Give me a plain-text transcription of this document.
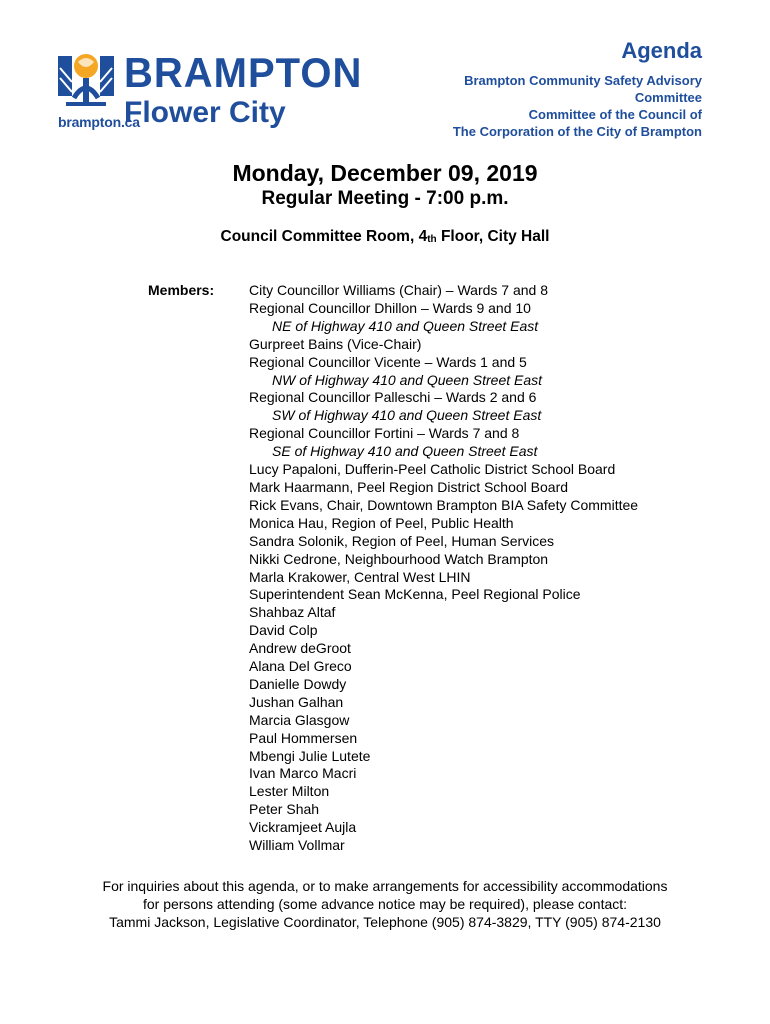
brampton.ca
BRAMPTON
Flower City
Agenda
Brampton Community Safety Advisory
Committee
Committee of the Council of
The Corporation of the City of Brampton
Monday, December 09, 2019
Regular Meeting - 7:00 p.m.
Council Committee Room, $4_{th}$ Floor, City Hall
Members: City Councillor Williams (Chair) – Wards 7 and 8
Regional Councillor Dhillon – Wards 9 and 10
NE of Highway 410 and Queen Street East
Gurpreet Bains (Vice-Chair)
Regional Councillor Vicente – Wards 1 and 5
NW of Highway 410 and Queen Street East
Regional Councillor Palleschi – Wards 2 and 6
SW of Highway 410 and Queen Street East
Regional Councillor Fortini – Wards 7 and 8
SE of Highway 410 and Queen Street East
Lucy Papaloni, Dufferin-Peel Catholic District School Board
Mark Haarmann, Peel Region District School Board
Rick Evans, Chair, Downtown Brampton BIA Safety Committee
Monica Hau, Region of Peel, Public Health
Sandra Solonik, Region of Peel, Human Services
Nikki Cedrone, Neighbourhood Watch Brampton
Marla Krakower, Central West LHIN
Superintendent Sean McKenna, Peel Regional Police
Shahbaz Altaf
David Colp
Andrew deGroot
Alana Del Greco
Danielle Dowdy
Jushan Galhan
Marcia Glasgow
Paul Hommersen
Mbengi Julie Lutete
Ivan Marco Macri
Lester Milton
Peter Shah
Vickramjeet Aujla
William Vollmar
For inquiries about this agenda, or to make arrangements for accessibility accommodations
for persons attending (some advance notice may be required), please contact:
Tammi Jackson, Legislative Coordinator, Telephone (905) 874-3829, TTY (905) 874-2130
